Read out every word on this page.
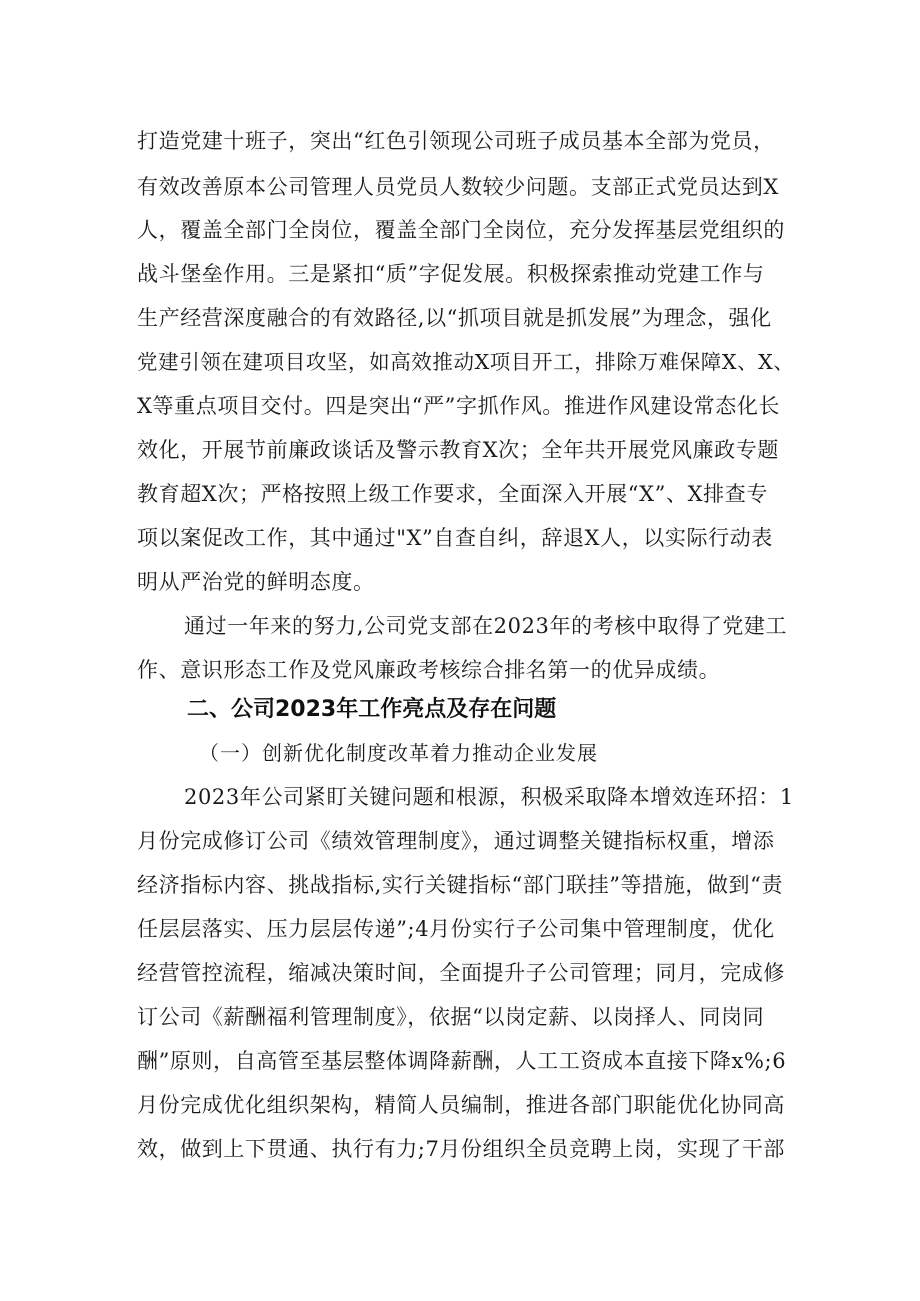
打造党建十班子，突出“红色引领现公司班子成员基本全部为党员，
有效改善原本公司管理人员党员人数较少问题。支部正式党员达到X
人，覆盖全部门全岗位，覆盖全部门全岗位，充分发挥基层党组织的
战斗堡垒作用。三是紧扣“质”字促发展。积极探索推动党建工作与
生产经营深度融合的有效路径,以“抓项目就是抓发展”为理念，强化
党建引领在建项目攻坚，如高效推动X项目开工，排除万难保障X、X、
X等重点项目交付。四是突出“严”字抓作风。推进作风建设常态化长
效化，开展节前廉政谈话及警示教育X次；全年共开展党风廉政专题
教育超X次；严格按照上级工作要求，全面深入开展“X”、X排查专
项以案促改工作，其中通过"X”自查自纠，辞退X人，以实际行动表
明从严治党的鲜明态度。
通过一年来的努力,公司党支部在2023年的考核中取得了党建工
作、意识形态工作及党风廉政考核综合排名第一的优异成绩。
二、公司2023年工作亮点及存在问题
（一）创新优化制度改革着力推动企业发展
2023年公司紧盯关键问题和根源，积极采取降本增效连环招：1
月份完成修订公司《绩效管理制度》，通过调整关键指标权重，增添
经济指标内容、挑战指标,实行关键指标“部门联挂”等措施，做到“责
任层层落实、压力层层传递”;4月份实行子公司集中管理制度，优化
经营管控流程，缩减决策时间，全面提升子公司管理；同月，完成修
订公司《薪酬福利管理制度》，依据“以岗定薪、以岗择人、同岗同
酬”原则，自高管至基层整体调降薪酬，人工工资成本直接下降x%;6
月份完成优化组织架构，精简人员编制，推进各部门职能优化协同高
效，做到上下贯通、执行有力;7月份组织全员竞聘上岗，实现了干部
